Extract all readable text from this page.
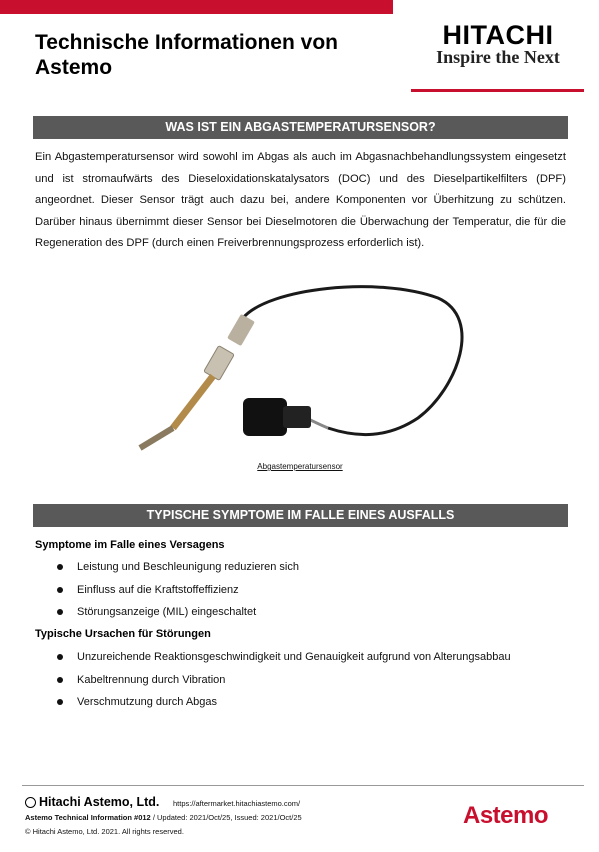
Technische Informationen von Astemo
HITACHI
Inspire the Next
WAS IST EIN ABGASTEMPERATURSENSOR?
Ein Abgastemperatursensor wird sowohl im Abgas als auch im Abgasnachbehandlungssystem eingesetzt und ist stromaufwärts des Dieseloxidationskatalysators (DOC) und des Dieselpartikelfilters (DPF) angeordnet. Dieser Sensor trägt auch dazu bei, andere Komponenten vor Überhitzung zu schützen. Darüber hinaus übernimmt dieser Sensor bei Dieselmotoren die Überwachung der Temperatur, die für die Regeneration des DPF (durch einen Freiverbrennungsprozess erforderlich ist).
Abgastemperatursensor
TYPISCHE SYMPTOME IM FALLE EINES AUSFALLS
Symptome im Falle eines Versagens
Leistung und Beschleunigung reduzieren sich
Einfluss auf die Kraftstoffeffizienz
Störungsanzeige (MIL) eingeschaltet
Typische Ursachen für Störungen
Unzureichende Reaktionsgeschwindigkeit und Genauigkeit aufgrund von Alterungsabbau
Kabeltrennung durch Vibration
Verschmutzung durch Abgas
Hitachi Astemo, Ltd. https://aftermarket.hitachiastemo.com/
Astemo Technical Information #012 / Updated: 2021/Oct/25, Issued: 2021/Oct/25
© Hitachi Astemo, Ltd. 2021. All rights reserved.
Astemo
